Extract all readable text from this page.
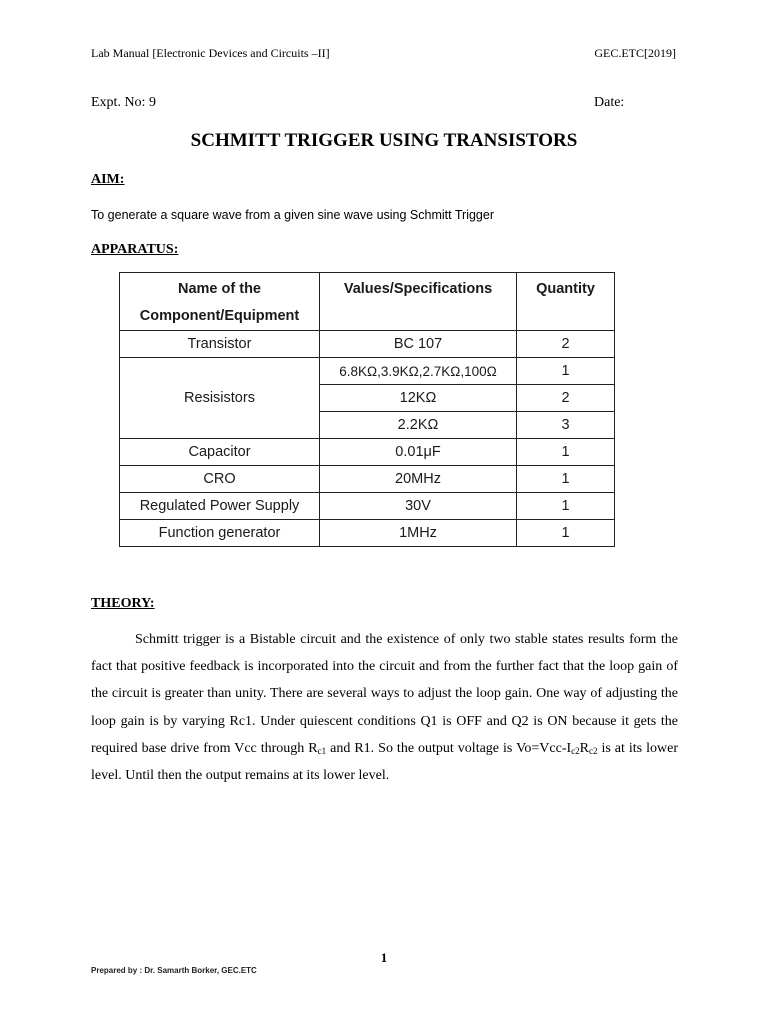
Lab Manual [Electronic Devices and Circuits –II]	GEC.ETC[2019]
Expt. No: 9	Date:
SCHMITT TRIGGER USING TRANSISTORS
AIM:
To generate a square wave from a given sine wave using Schmitt Trigger
APPARATUS:
Name of the
Component/Equipment	Values/Specifications	Quantity
Transistor	BC 107	2
Resisistors	6.8KΩ,3.9KΩ,2.7KΩ,100Ω	1
	12KΩ	2
	2.2KΩ	3
Capacitor	0.01μF	1
CRO	20MHz	1
Regulated Power Supply	30V	1
Function generator	1MHz	1
THEORY:

Schmitt trigger is a Bistable circuit and the existence of only two stable states results form the fact that positive feedback is incorporated into the circuit and from the further fact that the loop gain of the circuit is greater than unity. There are several ways to adjust the loop gain. One way of adjusting the loop gain is by varying Rc1. Under quiescent conditions Q1 is OFF and Q2 is ON because it gets the required base drive from Vcc through $R_{c1}$ and R1. So the output voltage is $Vo=Vcc-I_{c2}R_{c2}$ is at its lower level. Until then the output remains at its lower level.

1
Prepared by : Dr. Samarth Borker, GEC.ETC
